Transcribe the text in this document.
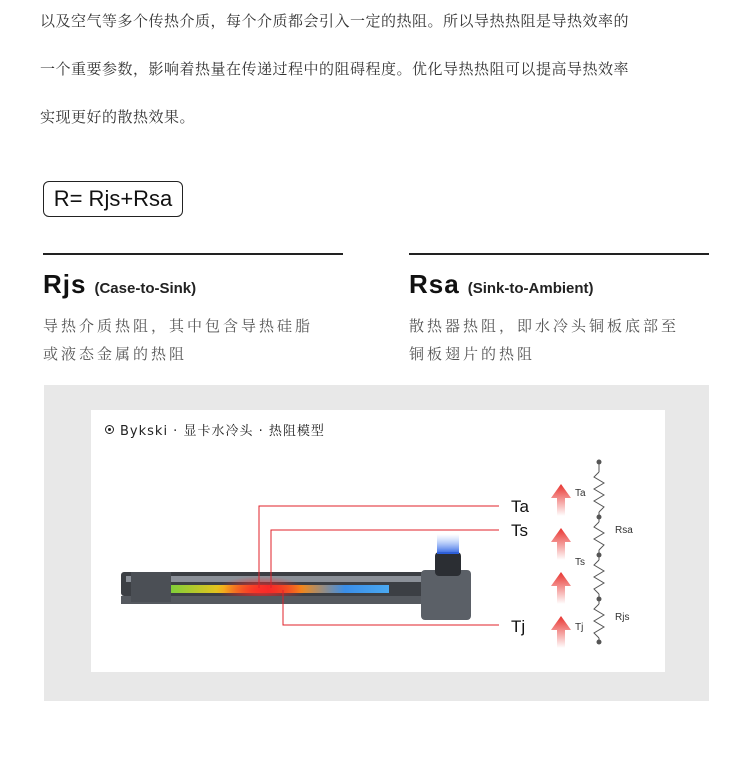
以及空气等多个传热介质，每个介质都会引入一定的热阻。所以导热热阻是导热效率的

一个重要参数，影响着热量在传递过程中的阻碍程度。优化导热热阻可以提高导热效率

实现更好的散热效果。

R= Rjs+Rsa
Rjs (Case-to-Sink)
导热介质热阻，其中包含导热硅脂
或液态金属的热阻
Rsa (Sink-to-Ambient)
散热器热阻，即水冷头铜板底部至
铜板翅片的热阻
Bykski · 显卡水冷头 · 热阻模型
Ta
Ts
Tj
Ta
Ts
Tj
Rsa
Rjs
